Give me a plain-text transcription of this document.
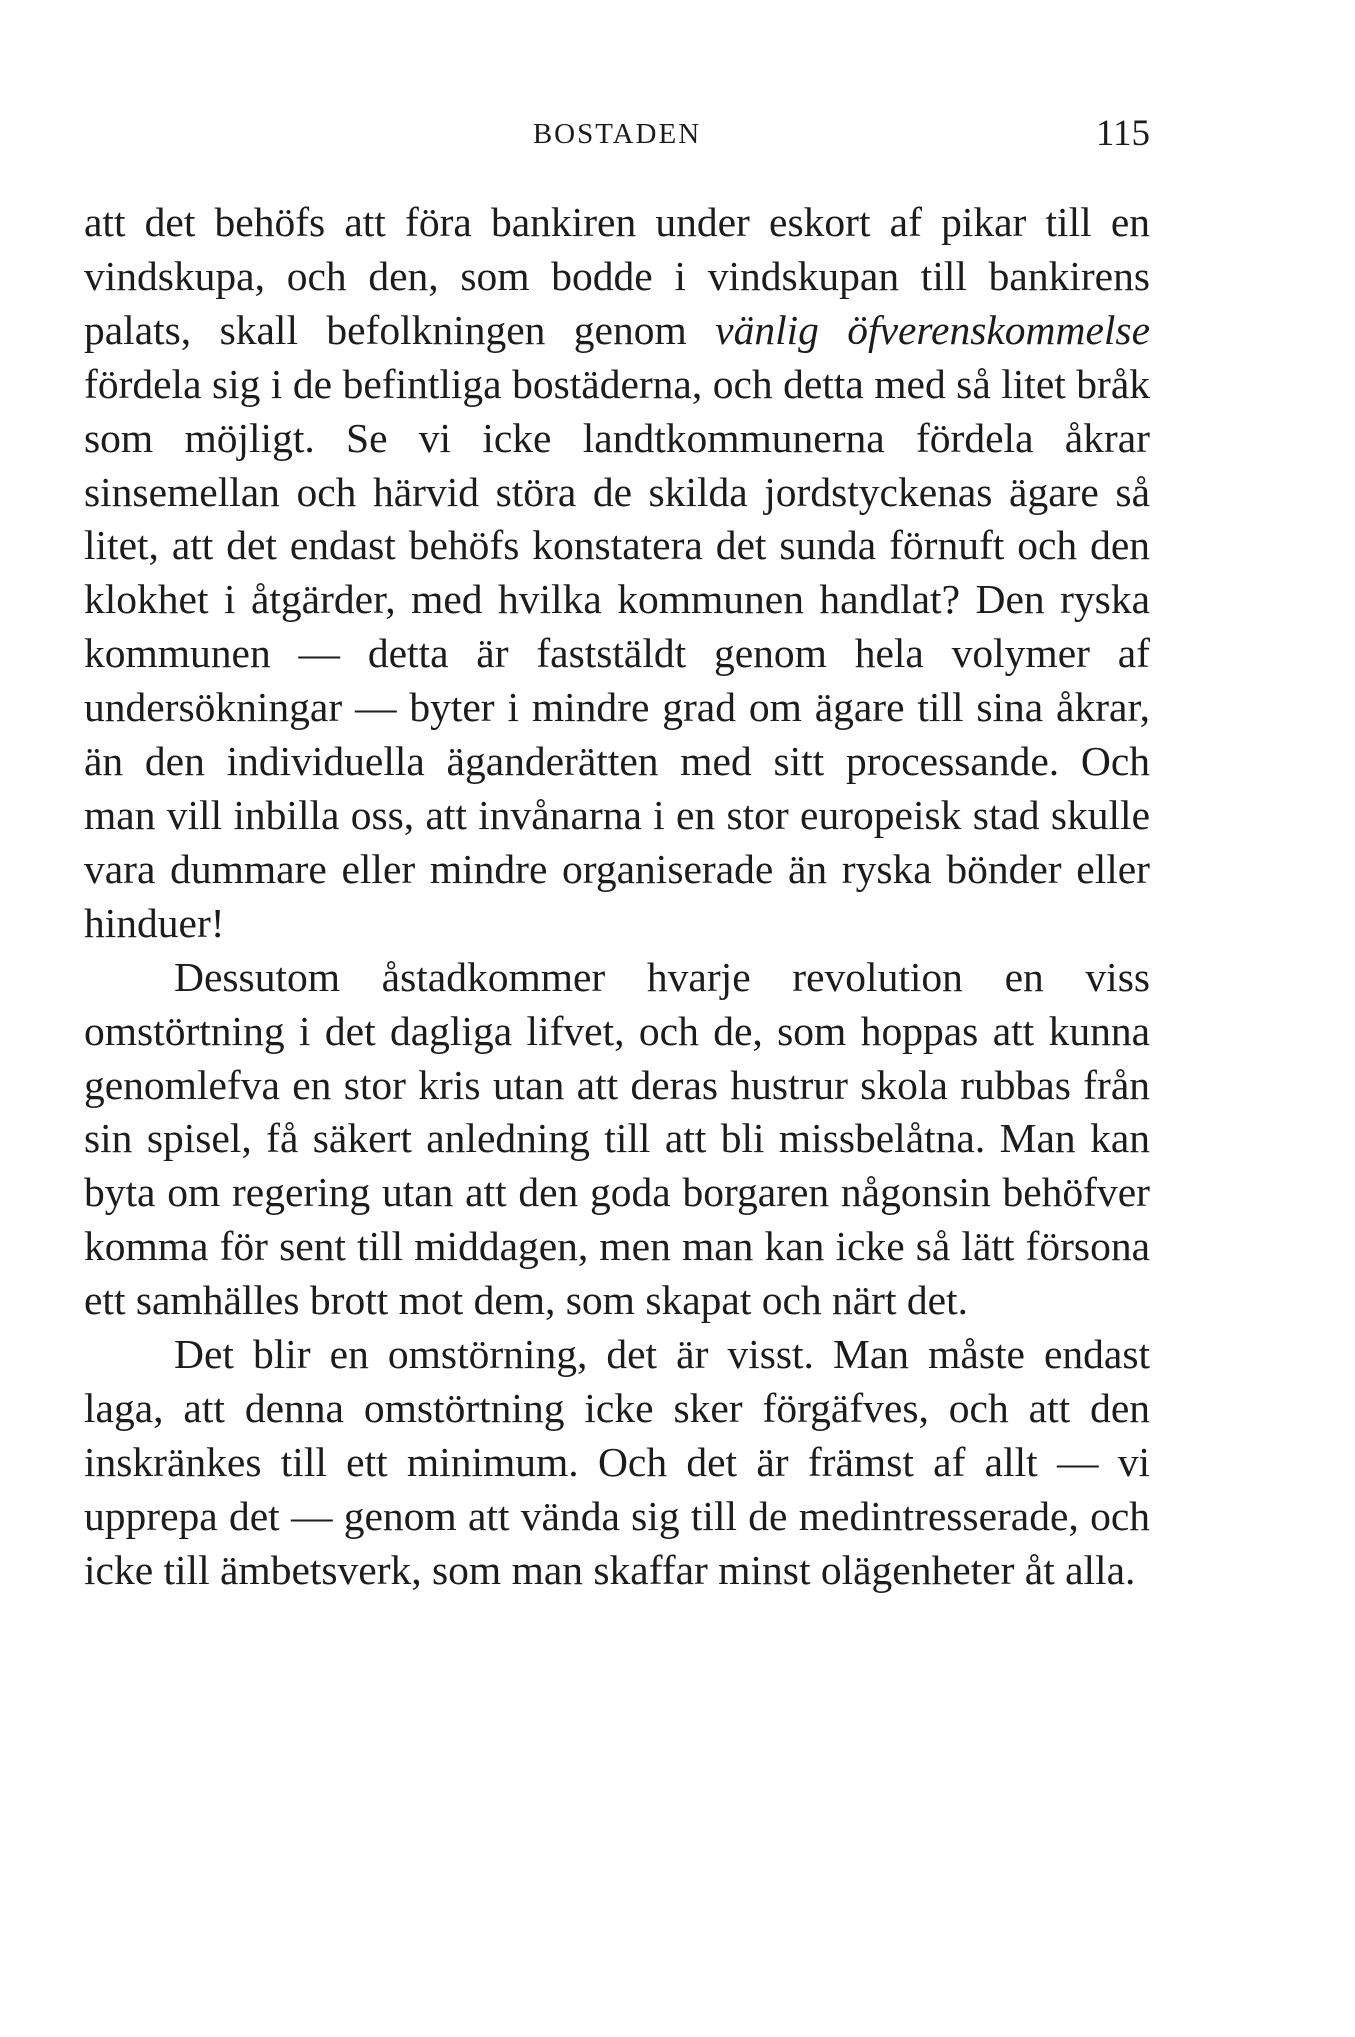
BOSTADEN	115

att det behöfs att föra bankiren under eskort af pikar till en vindskupa, och den, som bodde i vindskupan till bankirens palats, skall befolkningen genom vänlig öfverenskommelse fördela sig i de befintliga bostäderna, och detta med så litet bråk som möjligt. Se vi icke landtkommunerna fördela åkrar sinsemellan och härvid störa de skilda jordstyckenas ägare så litet, att det endast behöfs konstatera det sunda förnuft och den klokhet i åtgärder, med hvilka kommunen handlat? Den ryska kommunen — detta är faststäldt genom hela volymer af undersökningar — byter i mindre grad om ägare till sina åkrar, än den individuella äganderätten med sitt processande. Och man vill inbilla oss, att invånarna i en stor europeisk stad skulle vara dummare eller mindre organiserade än ryska bönder eller hinduer!

Dessutom åstadkommer hvarje revolution en viss omstörtning i det dagliga lifvet, och de, som hoppas att kunna genomlefva en stor kris utan att deras hustrur skola rubbas från sin spisel, få säkert anledning till att bli missbelåtna. Man kan byta om regering utan att den goda borgaren någonsin behöfver komma för sent till middagen, men man kan icke så lätt försona ett samhälles brott mot dem, som skapat och närt det.

Det blir en omstörning, det är visst. Man måste endast laga, att denna omstörtning icke sker förgäfves, och att den inskränkes till ett minimum. Och det är främst af allt — vi upprepa det — genom att vända sig till de medintresserade, och icke till ämbetsverk, som man skaffar minst olägenheter åt alla.
